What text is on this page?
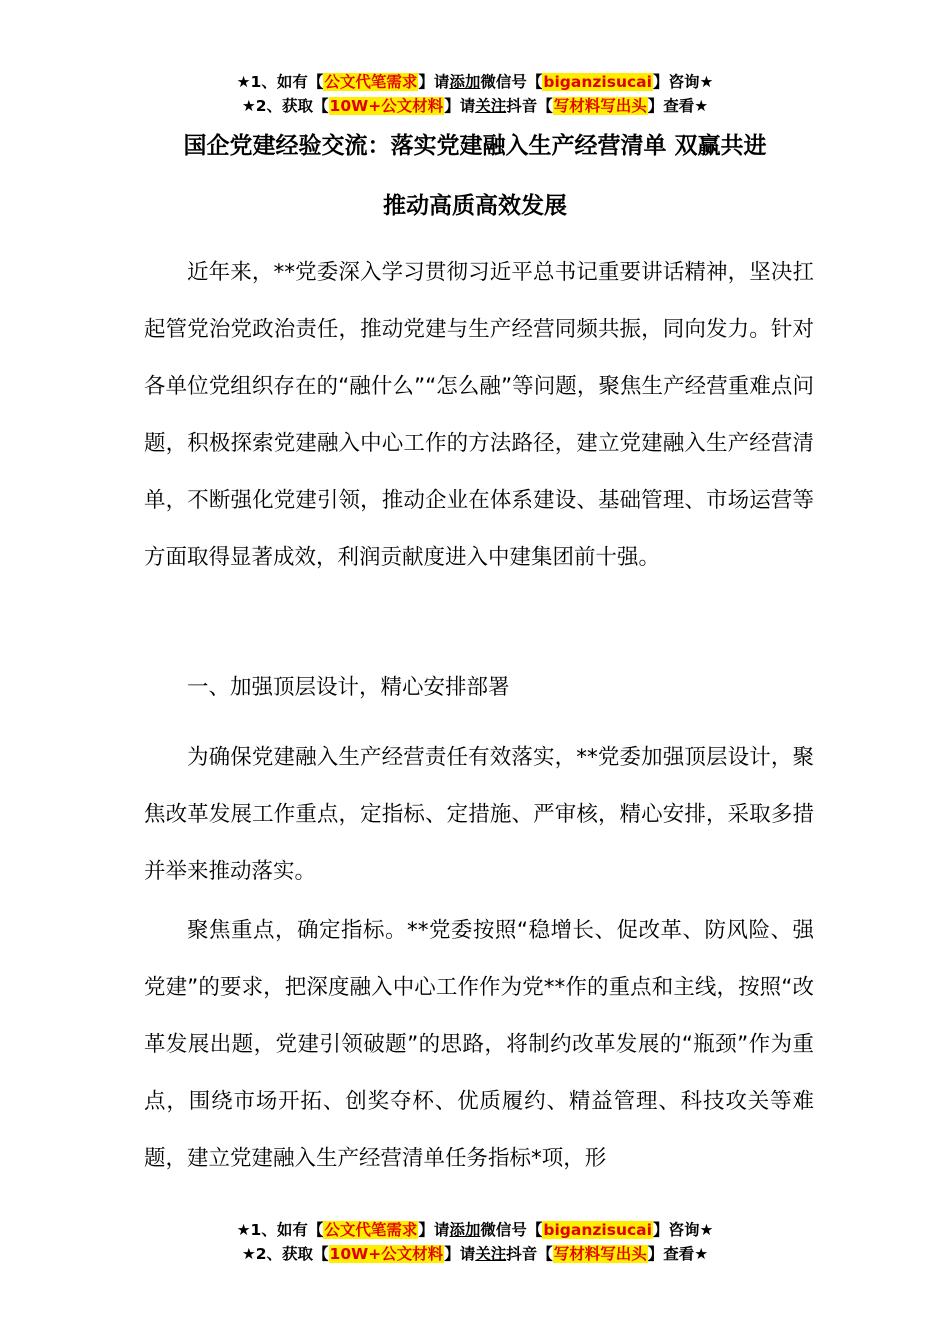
★1、如有【公文代笔需求】请添加微信号【biganzisucai】咨询★
★2、获取【10W+公文材料】请关注抖音【写材料写出头】查看★
国企党建经验交流：落实党建融入生产经营清单 双赢共进
推动高质高效发展

近年来，**党委深入学习贯彻习近平总书记重要讲话精神，坚决扛起管党治党政治责任，推动党建与生产经营同频共振，同向发力。针对各单位党组织存在的“融什么”“怎么融”等问题，聚焦生产经营重难点问题，积极探索党建融入中心工作的方法路径，建立党建融入生产经营清单，不断强化党建引领，推动企业在体系建设、基础管理、市场运营等方面取得显著成效，利润贡献度进入中建集团前十强。

一、加强顶层设计，精心安排部署

为确保党建融入生产经营责任有效落实，**党委加强顶层设计，聚焦改革发展工作重点，定指标、定措施、严审核，精心安排，采取多措并举来推动落实。

聚焦重点，确定指标。**党委按照“稳增长、促改革、防风险、强党建”的要求，把深度融入中心工作作为党**作的重点和主线，按照“改革发展出题，党建引领破题”的思路，将制约改革发展的“瓶颈”作为重点，围绕市场开拓、创奖夺杯、优质履约、精益管理、科技攻关等难题，建立党建融入生产经营清单任务指标*项，形

★1、如有【公文代笔需求】请添加微信号【biganzisucai】咨询★
★2、获取【10W+公文材料】请关注抖音【写材料写出头】查看★
